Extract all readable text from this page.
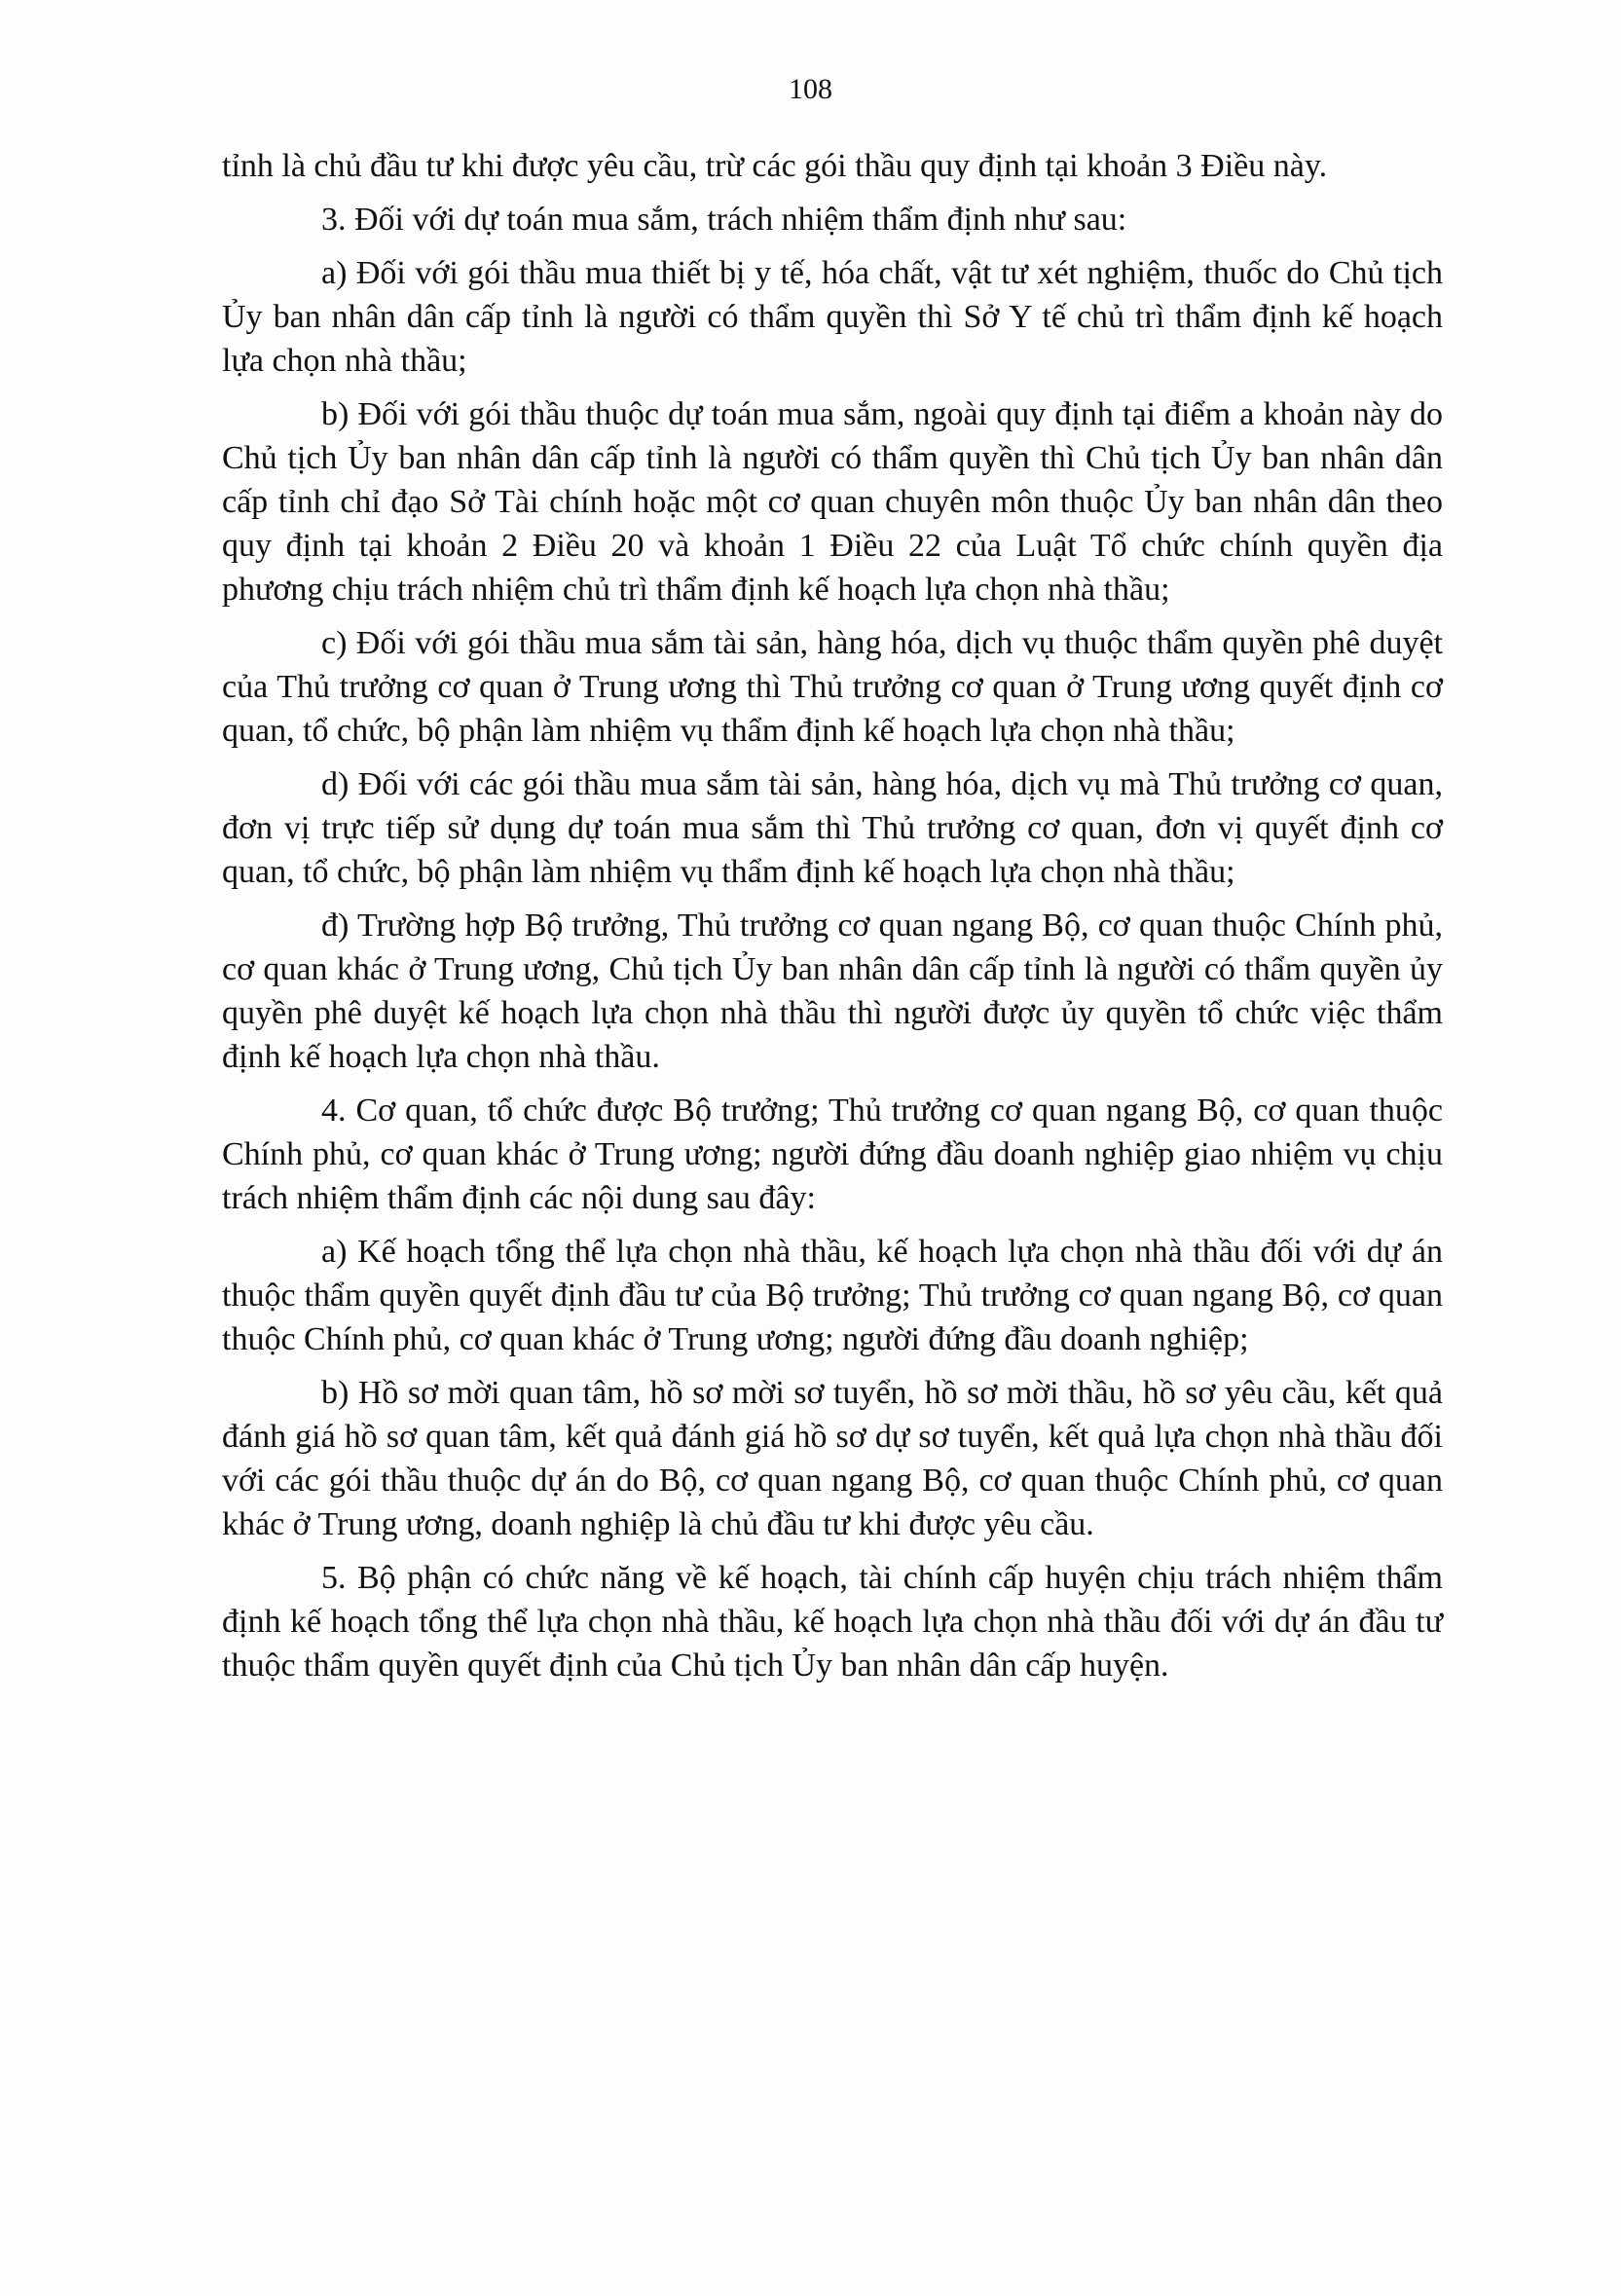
108

tỉnh là chủ đầu tư khi được yêu cầu, trừ các gói thầu quy định tại khoản 3 Điều này.

3. Đối với dự toán mua sắm, trách nhiệm thẩm định như sau:

a) Đối với gói thầu mua thiết bị y tế, hóa chất, vật tư xét nghiệm, thuốc do Chủ tịch Ủy ban nhân dân cấp tỉnh là người có thẩm quyền thì Sở Y tế chủ trì thẩm định kế hoạch lựa chọn nhà thầu;

b) Đối với gói thầu thuộc dự toán mua sắm, ngoài quy định tại điểm a khoản này do Chủ tịch Ủy ban nhân dân cấp tỉnh là người có thẩm quyền thì Chủ tịch Ủy ban nhân dân cấp tỉnh chỉ đạo Sở Tài chính hoặc một cơ quan chuyên môn thuộc Ủy ban nhân dân theo quy định tại khoản 2 Điều 20 và khoản 1 Điều 22 của Luật Tổ chức chính quyền địa phương chịu trách nhiệm chủ trì thẩm định kế hoạch lựa chọn nhà thầu;

c) Đối với gói thầu mua sắm tài sản, hàng hóa, dịch vụ thuộc thẩm quyền phê duyệt của Thủ trưởng cơ quan ở Trung ương thì Thủ trưởng cơ quan ở Trung ương quyết định cơ quan, tổ chức, bộ phận làm nhiệm vụ thẩm định kế hoạch lựa chọn nhà thầu;

d) Đối với các gói thầu mua sắm tài sản, hàng hóa, dịch vụ mà Thủ trưởng cơ quan, đơn vị trực tiếp sử dụng dự toán mua sắm thì Thủ trưởng cơ quan, đơn vị quyết định cơ quan, tổ chức, bộ phận làm nhiệm vụ thẩm định kế hoạch lựa chọn nhà thầu;

đ) Trường hợp Bộ trưởng, Thủ trưởng cơ quan ngang Bộ, cơ quan thuộc Chính phủ, cơ quan khác ở Trung ương, Chủ tịch Ủy ban nhân dân cấp tỉnh là người có thẩm quyền ủy quyền phê duyệt kế hoạch lựa chọn nhà thầu thì người được ủy quyền tổ chức việc thẩm định kế hoạch lựa chọn nhà thầu.

4. Cơ quan, tổ chức được Bộ trưởng; Thủ trưởng cơ quan ngang Bộ, cơ quan thuộc Chính phủ, cơ quan khác ở Trung ương; người đứng đầu doanh nghiệp giao nhiệm vụ chịu trách nhiệm thẩm định các nội dung sau đây:

a) Kế hoạch tổng thể lựa chọn nhà thầu, kế hoạch lựa chọn nhà thầu đối với dự án thuộc thẩm quyền quyết định đầu tư của Bộ trưởng; Thủ trưởng cơ quan ngang Bộ, cơ quan thuộc Chính phủ, cơ quan khác ở Trung ương; người đứng đầu doanh nghiệp;

b) Hồ sơ mời quan tâm, hồ sơ mời sơ tuyển, hồ sơ mời thầu, hồ sơ yêu cầu, kết quả đánh giá hồ sơ quan tâm, kết quả đánh giá hồ sơ dự sơ tuyển, kết quả lựa chọn nhà thầu đối với các gói thầu thuộc dự án do Bộ, cơ quan ngang Bộ, cơ quan thuộc Chính phủ, cơ quan khác ở Trung ương, doanh nghiệp là chủ đầu tư khi được yêu cầu.

5. Bộ phận có chức năng về kế hoạch, tài chính cấp huyện chịu trách nhiệm thẩm định kế hoạch tổng thể lựa chọn nhà thầu, kế hoạch lựa chọn nhà thầu đối với dự án đầu tư thuộc thẩm quyền quyết định của Chủ tịch Ủy ban nhân dân cấp huyện.
